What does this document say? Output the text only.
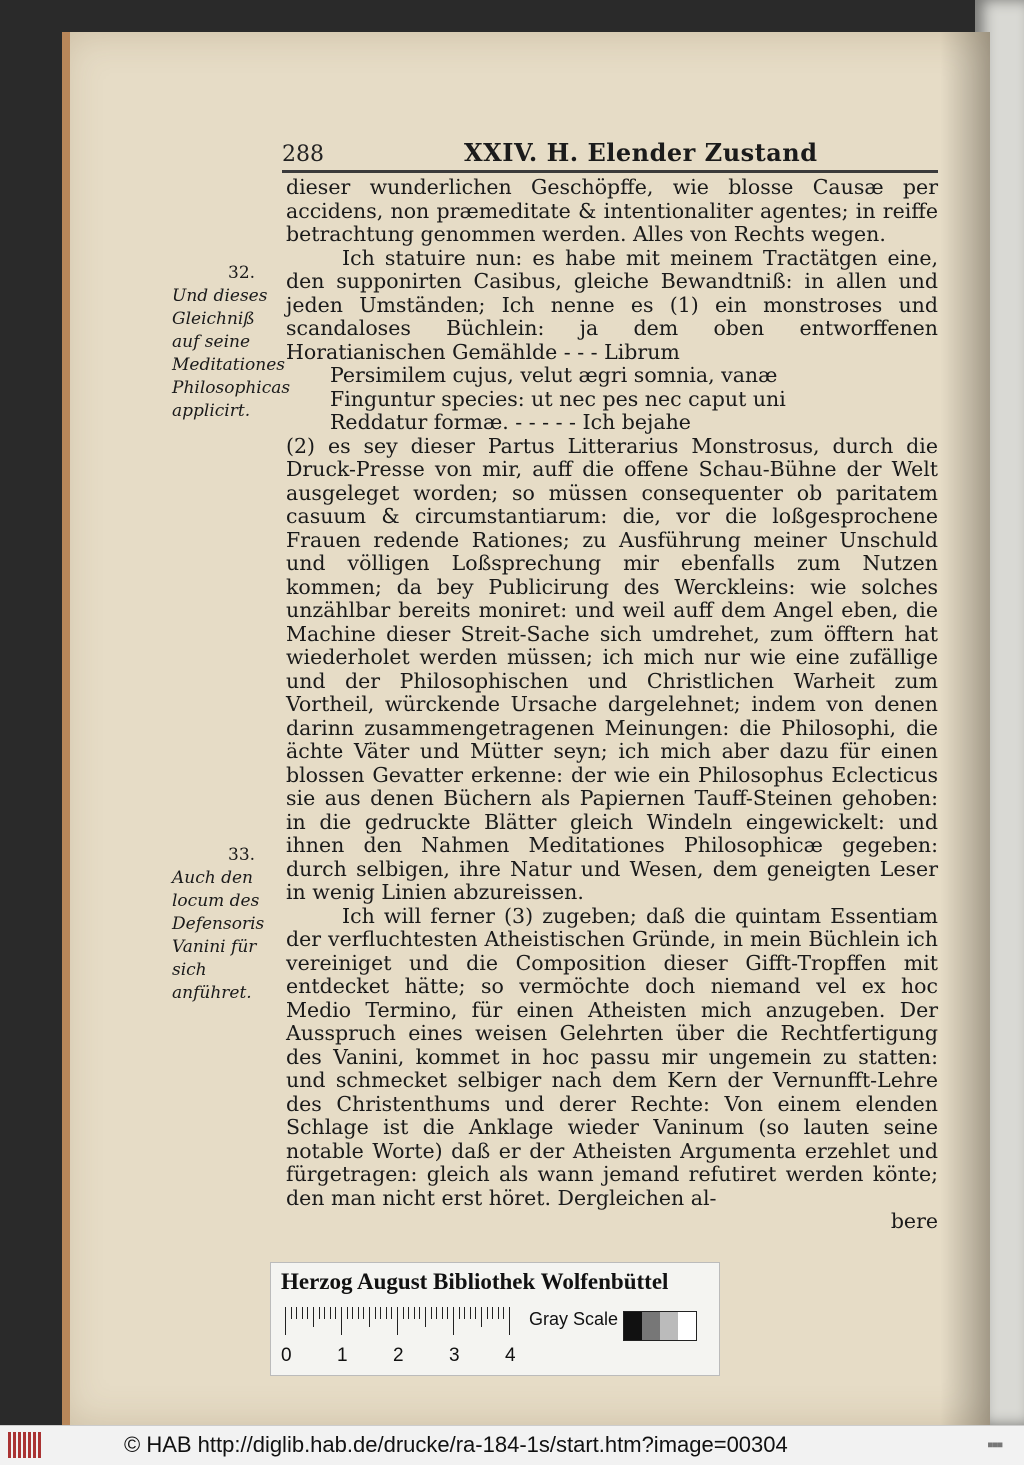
288	XXIV. H. Elender Zustand
32.
Und dieses Gleichniß auf seine Meditationes Philosophicas applicirt.
33.
Auch den locum des Defensoris Vanini für sich anführet.

dieser wunderlichen Geschöpffe, wie blosse Causæ per accidens, non præmeditate & intentionaliter agentes; in reiffe betrachtung genommen werden. Alles von Rechts wegen.

Ich statuire nun: es habe mit meinem Tractätgen eine, den supponirten Casibus, gleiche Bewandtniß: in allen und jeden Umständen; Ich nenne es (1) ein monstroses und scandaloses Büchlein: ja dem oben entworffenen Horatianischen Gemählde - - - Librum

Persimilem cujus, velut ægri somnia, vanæ

Finguntur species: ut nec pes nec caput uni

Reddatur formæ. - - - - - Ich bejahe

(2) es sey dieser Partus Litterarius Monstrosus, durch die Druck-Presse von mir, auff die offene Schau-Bühne der Welt ausgeleget worden; so müssen consequenter ob paritatem casuum & circumstantiarum: die, vor die loßgesprochene Frauen redende Rationes; zu Ausführung meiner Unschuld und völligen Loßsprechung mir ebenfalls zum Nutzen kommen; da bey Publicirung des Werckleins: wie solches unzählbar bereits moniret: und weil auff dem Angel eben, die Machine dieser Streit-Sache sich umdrehet, zum öfftern hat wiederholet werden müssen; ich mich nur wie eine zufällige und der Philosophischen und Christlichen Warheit zum Vortheil, würckende Ursache dargelehnet; indem von denen darinn zusammengetragenen Meinungen: die Philosophi, die ächte Väter und Mütter seyn; ich mich aber dazu für einen blossen Gevatter erkenne: der wie ein Philosophus Eclecticus sie aus denen Büchern als Papiernen Tauff-Steinen gehoben: in die gedruckte Blätter gleich Windeln eingewickelt: und ihnen den Nahmen Meditationes Philosophicæ gegeben: durch selbigen, ihre Natur und Wesen, dem geneigten Leser in wenig Linien abzureissen.

Ich will ferner (3) zugeben; daß die quintam Essentiam der verfluchtesten Atheistischen Gründe, in mein Büchlein ich vereiniget und die Composition dieser Gifft-Tropffen mit entdecket hätte; so vermöchte doch niemand vel ex hoc Medio Termino, für einen Atheisten mich anzugeben. Der Ausspruch eines weisen Gelehrten über die Rechtfertigung des Vanini, kommet in hoc passu mir ungemein zu statten: und schmecket selbiger nach dem Kern der Vernunfft-Lehre des Christenthums und derer Rechte: Von einem elenden Schlage ist die Anklage wieder Vaninum (so lauten seine notable Worte) daß er der Atheisten Argumenta erzehlet und fürgetragen: gleich als wann jemand refutiret werden könte; den man nicht erst höret. Dergleichen al-

bere

Herzog August Bibliothek Wolfenbüttel
Gray Scale
0 1 2 3 4
© HAB http://diglib.hab.de/drucke/ra-184-1s/start.htm?image=00304	■■■
